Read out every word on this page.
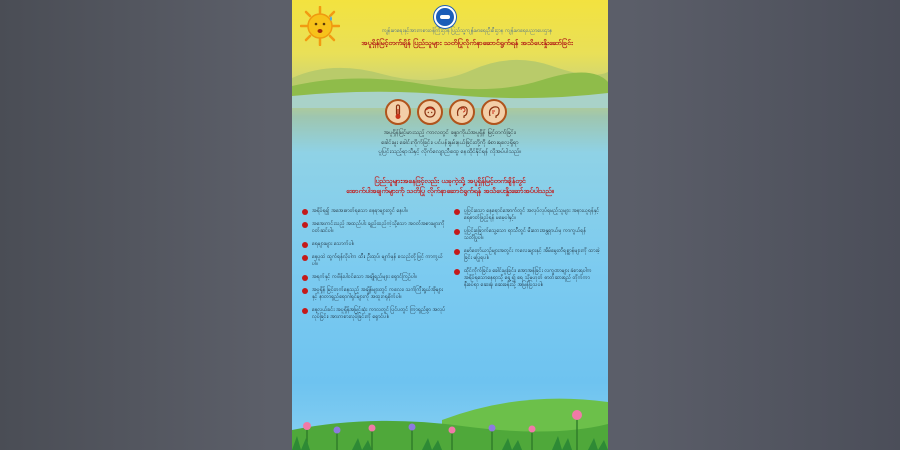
ကျန်းမာရေးနှင့်အားကစားဝန်ကြီးဌာန ပြည်သူ့ကျန်းမာရေးဦးစီးဌာန ကျန်းမာရေးပညာပေးဌာန
အပူရှိန်မြင့်တက်ချိန် ပြည်သူများ သတိပြုလိုက်နာဆောင်ရွက်ရန် အသိပေးနှိုးဆော်ခြင်း
အပူရှိန်မြင့်မားသည့် ကာလတွင် ခန္ဓာကိုယ်အပူရှိန် မြင့်တက်ခြင်း၊
ခေါင်းမူး ခေါင်းကိုက်ခြင်း၊ ပင်ပန်းနွမ်းနယ်ခြင်းတို့ကို ခံစားရလေ့ရှိရာ
ပူပြင်းသည့်ရာသီနှင့် လိုက်လျောညီထွေ နေထိုင်နိုင်ရန် လိုအပ်ပါသည်။
ပြည်သူများအနေဖြင့်လည်း ယခုကဲ့သို့ အပူရှိန်မြင့်တက်ချိန်တွင်
အောက်ပါအချက်များကို သတိပြု လိုက်နာဆောင်ရွက်ရန် အသိပေးနှိုးဆော်အပ်ပါသည်။
အရိပ်ရ၍ အအေးဓာတ်ရသော နေရာများတွင် နေပါ။
အအေးကင်းသည့် အထည်ပါး ချည်ထည်ကဲ့သို့သော အဝတ်အစားများကို ဝတ်ဆင်ပါ။
ရေများများ သောက်ပါ။
နေပူထဲ ထွက်ရန်လိုပါက ထီး၊ ဦးထုပ်၊ မျက်မှန် စသည်တို့ဖြင့် ကာကွယ်ပါ။
အရက်နှင့် ကဖိန်းပါဝင်သော အချိုရည်များ ရှောင်ကြဉ်ပါ။
အပူရှိန် မြင့်တက်နေသည့် အချိန်များတွင် ကလေး၊ သက်ကြီးရွယ်အိုများနှင့် နာတာရှည်ရောဂါရှင်များကို အထူးဂရုစိုက်ပါ။
နေ့လယ်ခင်း အပူရှိန်အမြင့်ဆုံး ကာလတွင် ပြင်ပတွင် ကြာရှည်စွာ အလုပ်လုပ်ခြင်း၊ အားကစားလုပ်ခြင်းကို ရှောင်ပါ။
ပူပြင်းသော နေရောင်အောက်တွင် အလုပ်လုပ်ရမည့်သူများ အနားယူရန်နှင့် ရေဓာတ်ဖြည့်ရန် မမေ့ပါနှင့်။
ပူပြင်းခြောက်သွေ့သော ရာသီတွင် မီးဘေးအန္တရာယ်မှ ကာကွယ်ရန် သတိပြုပါ။
မော်တော်ယာဉ်များအတွင်း ကလေးများနှင့် အိမ်မွေးတိရစ္ဆာန်များကို ထားခဲ့ခြင်း မပြုရပါ။
ထိုင်ကိုက်ခြင်း၊ ခေါင်းမူးခြင်း၊ အော့အန်ခြင်း လက္ခဏာများ ခံစားရပါက အရိပ်ရသောနေရာသို့ ရွှေ့၍ ရေ သို့မဟုတ် ဓာတ်ဆားရည် တိုက်ကာ နီးစပ်ရာ ဆေးရုံ၊ ဆေးခန်းသို့ အမြန်ပြသပါ။
